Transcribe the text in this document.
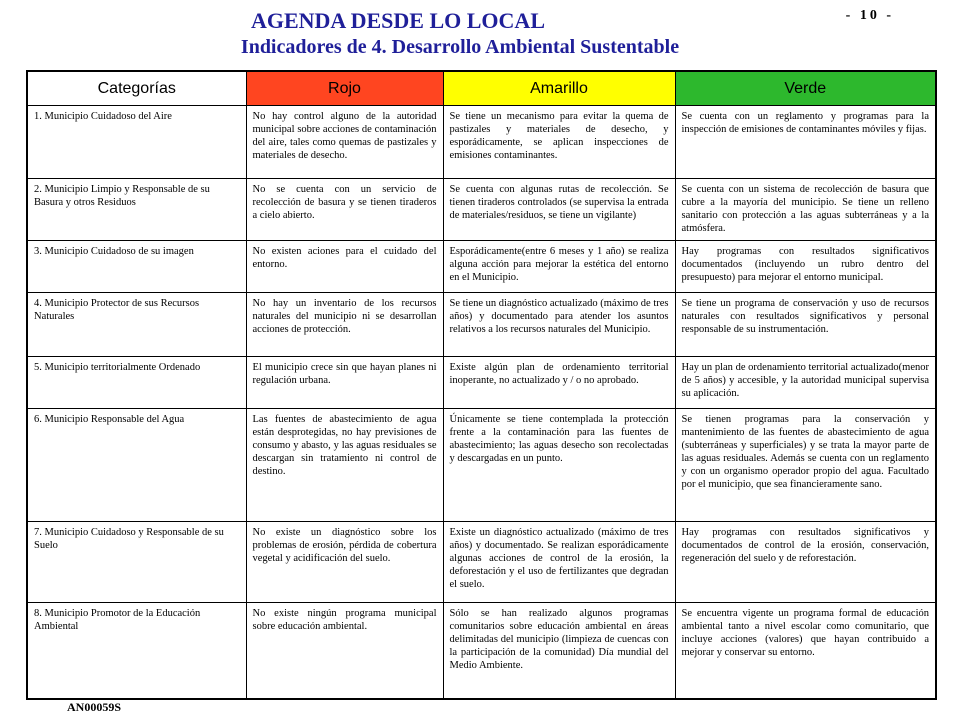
AGENDA DESDE LO LOCAL
Indicadores de 4. Desarrollo Ambiental Sustentable
- 10 -
Categorías	Rojo	Amarillo	Verde
1. Municipio Cuidadoso del Aire	No hay control alguno de la autoridad municipal sobre acciones de contaminación del aire, tales como quemas de pastizales y materiales de desecho.	Se tiene un mecanismo para evitar la quema de pastizales y materiales de desecho, y esporádicamente, se aplican inspecciones de emisiones contaminantes.	Se cuenta con un reglamento y programas para la inspección de emisiones de contaminantes móviles y fijas.
2. Municipio Limpio y Responsable de su Basura y otros Residuos	No se cuenta con un servicio de recolección de basura y se tienen tiraderos a cielo abierto.	Se cuenta con algunas rutas de recolección. Se tienen tiraderos controlados (se supervisa la entrada de materiales/residuos, se tiene un vigilante)	Se cuenta con un sistema de recolección de basura que cubre a la mayoría del municipio. Se tiene un relleno sanitario con protección a las aguas subterráneas y a la atmósfera.
3. Municipio Cuidadoso de su imagen	No existen aciones para el cuidado del entorno.	Esporádicamente(entre 6 meses y 1 año) se realiza alguna acción para mejorar la estética del entorno en el Municipio.	Hay programas con resultados significativos documentados (incluyendo un rubro dentro del presupuesto) para mejorar el entorno municipal.
4. Municipio Protector de sus Recursos Naturales	No hay un inventario de los recursos naturales del municipio ni se desarrollan acciones de protección.	Se tiene un diagnóstico actualizado (máximo de tres años) y documentado para atender los asuntos relativos a los recursos naturales del Municipio.	Se tiene un programa de conservación y uso de recursos naturales con resultados significativos y personal responsable de su instrumentación.
5. Municipio territorialmente Ordenado	El municipio crece sin que hayan planes ni regulación urbana.	Existe algún plan de ordenamiento territorial inoperante, no actualizado y / o no aprobado.	Hay un plan de ordenamiento territorial actualizado(menor de 5 años) y accesible, y la autoridad municipal supervisa su aplicación.
6. Municipio Responsable del Agua	Las fuentes de abastecimiento de agua están desprotegidas, no hay previsiones de consumo y abasto, y las aguas residuales se descargan sin tratamiento ni control de destino.	Únicamente se tiene contemplada la protección frente a la contaminación para las fuentes de abastecimiento; las aguas desecho son recolectadas y descargadas en un punto.	Se tienen programas para la conservación y mantenimiento de las fuentes de abastecimiento de agua (subterráneas y superficiales) y se trata la mayor parte de las aguas residuales. Además se cuenta con un reglamento y con un organismo operador propio del agua. Facultado por el municipio, que sea financieramente sano.
7. Municipio Cuidadoso y Responsable de su Suelo	No existe un diagnóstico sobre los problemas de erosión, pérdida de cobertura vegetal y acidificación del suelo.	Existe un diagnóstico actualizado (máximo de tres años) y documentado. Se realizan esporádicamente algunas acciones de control de la erosión, la deforestación y el uso de fertilizantes que degradan el suelo.	Hay programas con resultados significativos y documentados de control de la erosión, conservación, regeneración del suelo y de reforestación.
8. Municipio Promotor de la Educación Ambiental	No existe ningún programa municipal sobre educación ambiental.	Sólo se han realizado algunos programas comunitarios sobre educación ambiental en áreas delimitadas del municipio (limpieza de cuencas con la participación de la comunidad) Día mundial del Medio Ambiente.	Se encuentra vigente un programa formal de educación ambiental tanto a nivel escolar como comunitario, que incluye acciones (valores) que hayan contribuido a mejorar y conservar su entorno.
AN00059S
